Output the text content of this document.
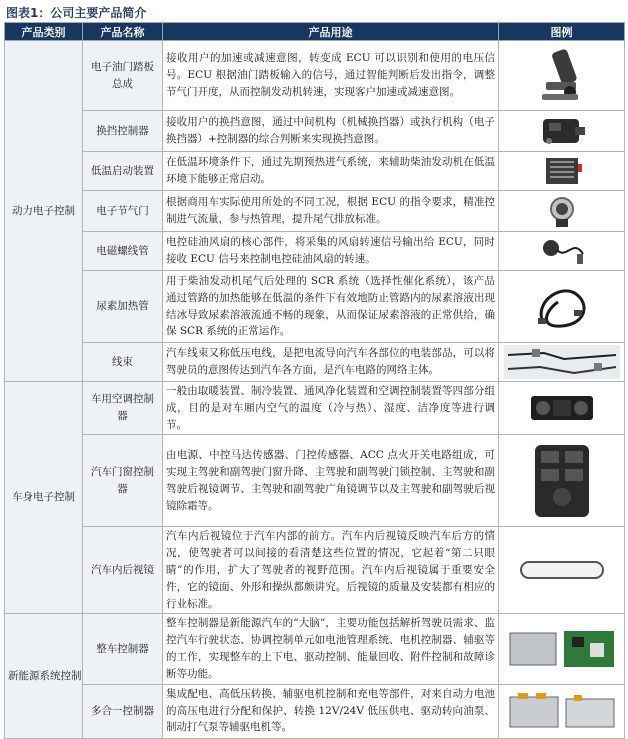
图表1：公司主要产品简介
产品类别	产品名称	产品用途	图例
动力电子控制	电子油门踏板总成	接收用户的加速或减速意图，转变成 ECU 可以识别和使用的电压信号。ECU 根据油门踏板输入的信号，通过智能判断后发出指令，调整节气门开度，从而控制发动机转速，实现客户加速或减速意图。	
	换挡控制器	接收用户的换挡意图，通过中间机构（机械换挡器）或执行机构（电子换挡器）+控制器的综合判断来实现换挡意图。	
	低温启动装置	在低温环境条件下，通过先期预热进气系统，来辅助柴油发动机在低温环境下能够正常启动。	
	电子节气门	根据商用车实际使用所处的不同工况，根据 ECU 的指令要求，精准控制进气流量，参与热管理，提升尾气排放标准。	
	电磁螺线管	电控硅油风扇的核心部件，将采集的风扇转速信号输出给 ECU，同时接收 ECU 信号来控制电控硅油风扇的转速。	
	尿素加热管	用于柴油发动机尾气后处理的 SCR 系统（选择性催化系统），该产品通过管路的加热能够在低温的条件下有效地防止管路内的尿素溶液出现结冰导致尿素溶液流通不畅的现象，从而保证尿素溶液的正常供给，确保 SCR 系统的正常运作。	
	线束	汽车线束又称低压电线，是把电流导向汽车各部位的电装部品，可以将驾驶员的意图传达到汽车各方面，是汽车电路的网络主体。	
车身电子控制	车用空调控制器	一般由取暖装置、制冷装置、通风净化装置和空调控制装置等四部分组成，目的是对车厢内空气的温度（冷与热）、湿度、洁净度等进行调节。	
	汽车门窗控制器	由电源、中控马达传感器、门控传感器、ACC 点火开关电路组成，可实现主驾驶和副驾驶门窗升降、主驾驶和副驾驶门锁控制、主驾驶和副驾驶后视镜调节、主驾驶和副驾驶广角镜调节以及主驾驶和副驾驶后视镜除霜等。	
	汽车内后视镜	汽车内后视镜位于汽车内部的前方。汽车内后视镜反映汽车后方的情况，使驾驶者可以间接的看清楚这些位置的情况，它起着“第二只眼睛”的作用，扩大了驾驶者的视野范围。汽车内后视镜属于重要安全件，它的镜面、外形和操纵都颇讲究。后视镜的质量及安装都有相应的行业标准。	
新能源系统控制	整车控制器	整车控制器是新能源汽车的“大脑”，主要功能包括解析驾驶员需求、监控汽车行驶状态、协调控制单元如电池管理系统、电机控制器、辅驱等的工作，实现整车的上下电、驱动控制、能量回收、附件控制和故障诊断等功能。	
	多合一控制器	集成配电、高低压转换、辅驱电机控制和充电等部件，对来自动力电池的高压电进行分配和保护、转换 12V/24V 低压供电、驱动转向油泵、制动打气泵等辅驱电机等。	
